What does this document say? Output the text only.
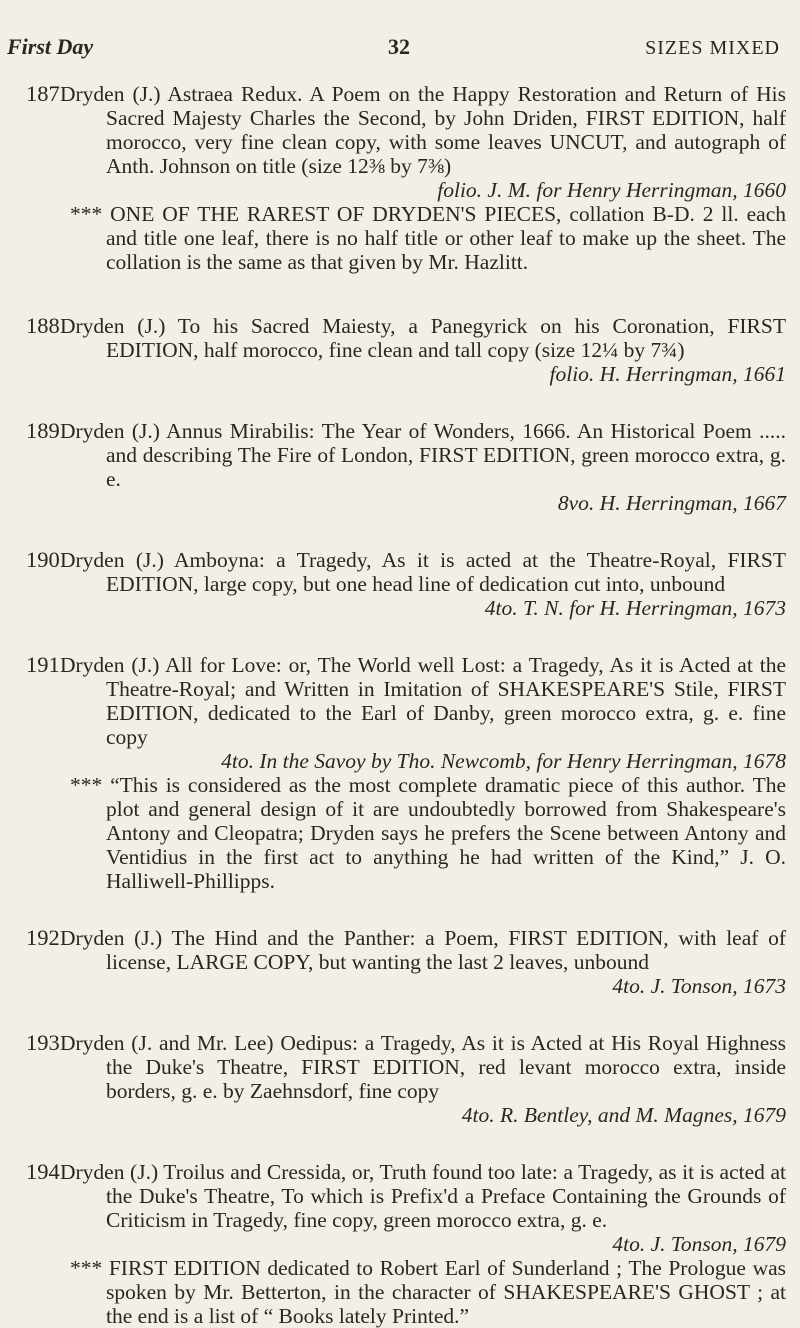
First Day	32	SIZES MIXED
187 Dryden (J.) Astraea Redux. A Poem on the Happy Restoration and Return of His Sacred Majesty Charles the Second, by John Driden, FIRST EDITION, half morocco, very fine clean copy, with some leaves UNCUT, and autograph of Anth. Johnson on title (size 12⅜ by 7⅜)
folio. J. M. for Henry Herringman, 1660
*** ONE OF THE RAREST OF DRYDEN'S PIECES, collation B-D. 2 ll. each and title one leaf, there is no half title or other leaf to make up the sheet. The collation is the same as that given by Mr. Hazlitt.
188 Dryden (J.) To his Sacred Maiesty, a Panegyrick on his Coronation, FIRST EDITION, half morocco, fine clean and tall copy (size 12¼ by 7¾)
folio. H. Herringman, 1661
189 Dryden (J.) Annus Mirabilis: The Year of Wonders, 1666. An Historical Poem ..... and describing The Fire of London, FIRST EDITION, green morocco extra, g. e.
8vo. H. Herringman, 1667
190 Dryden (J.) Amboyna: a Tragedy, As it is acted at the Theatre-Royal, FIRST EDITION, large copy, but one head line of dedication cut into, unbound
4to. T. N. for H. Herringman, 1673
191 Dryden (J.) All for Love: or, The World well Lost: a Tragedy, As it is Acted at the Theatre-Royal; and Written in Imitation of SHAKESPEARE'S Stile, FIRST EDITION, dedicated to the Earl of Danby, green morocco extra, g. e. fine copy
4to. In the Savoy by Tho. Newcomb, for Henry Herringman, 1678
*** “This is considered as the most complete dramatic piece of this author. The plot and general design of it are undoubtedly borrowed from Shakespeare's Antony and Cleopatra; Dryden says he prefers the Scene between Antony and Ventidius in the first act to anything he had written of the Kind,” J. O. Halliwell-Phillipps.
192 Dryden (J.) The Hind and the Panther: a Poem, FIRST EDITION, with leaf of license, LARGE COPY, but wanting the last 2 leaves, unbound
4to. J. Tonson, 1673
193 Dryden (J. and Mr. Lee) Oedipus: a Tragedy, As it is Acted at His Royal Highness the Duke's Theatre, FIRST EDITION, red levant morocco extra, inside borders, g. e. by Zaehnsdorf, fine copy
4to. R. Bentley, and M. Magnes, 1679
194 Dryden (J.) Troilus and Cressida, or, Truth found too late: a Tragedy, as it is acted at the Duke's Theatre, To which is Prefix'd a Preface Containing the Grounds of Criticism in Tragedy, fine copy, green morocco extra, g. e.
4to. J. Tonson, 1679
*** FIRST EDITION dedicated to Robert Earl of Sunderland ; The Prologue was spoken by Mr. Betterton, in the character of SHAKESPEARE'S GHOST ; at the end is a list of “ Books lately Printed.”
